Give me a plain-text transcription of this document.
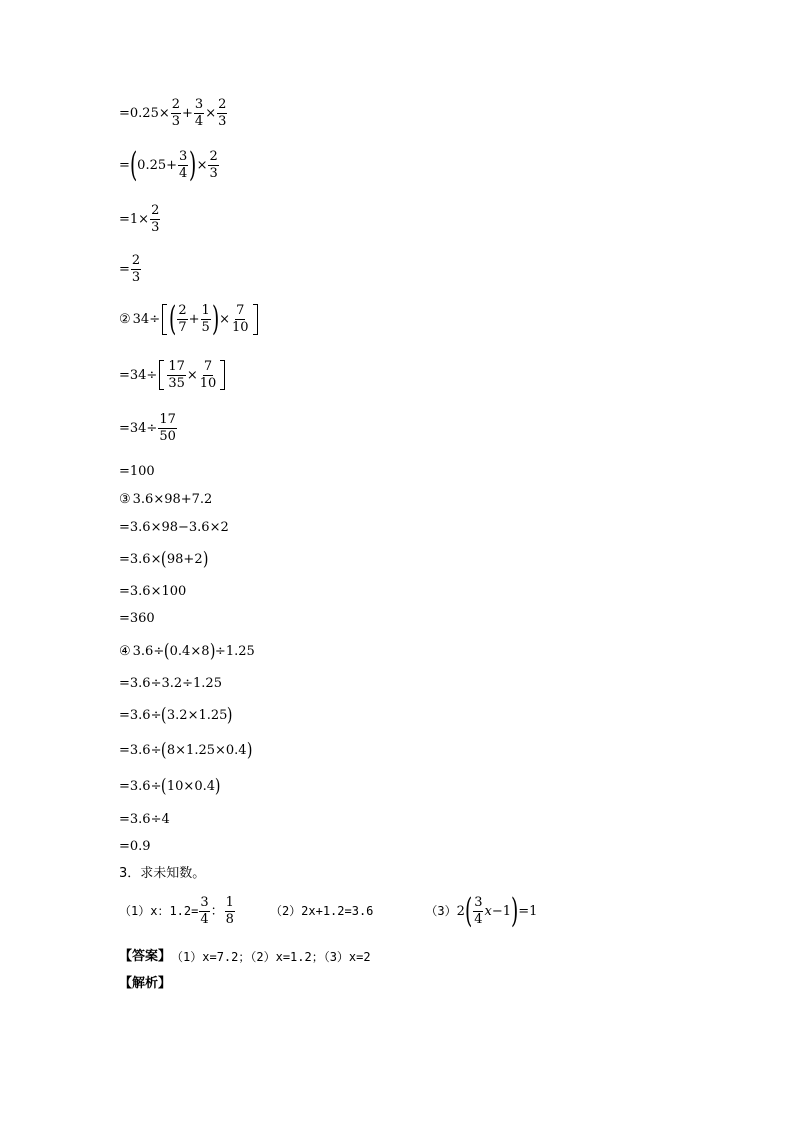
$=0.25\times \frac{2}{3} + \frac{3}{4} \times \frac{2}{3}$
= ( $0.25+ \frac{3}{4}$ ) × $\frac{2}{3}$
$=1\times \frac{2}{3}$
= $\frac{2}{3}$
② 34÷ ( $\frac{2}{7} + \frac{1}{5}$ ) × $\frac{7}{10}$
$=34\div \frac{17}{35} \times \frac{7}{10}$
$=34\div \frac{17}{50}$
=100
③ 3.6×98+7.2
=3.6×98−3.6×2
=3.6× ( 98+2 )
=3.6×100
=360
④ 3.6÷ ( 0.4×8 ) ÷1.25
=3.6÷3.2÷1.25
=3.6÷ ( 3.2×1.25 )
=3.6÷ ( 8×1.25×0.4 )
=3.6÷ ( 10×0.4 )
=3.6÷4
=0.9
3．求未知数。
（1）x：$1.2= \frac{3}{4}$ ： $\frac{1}{8}$	（2）2x+1.2=3.6	（3） 2 ( $\frac{3}{4}$ x −1 ) =1
【答案】 （1）x=7.2；（2）x=1.2；（3）x=2
【解析】
